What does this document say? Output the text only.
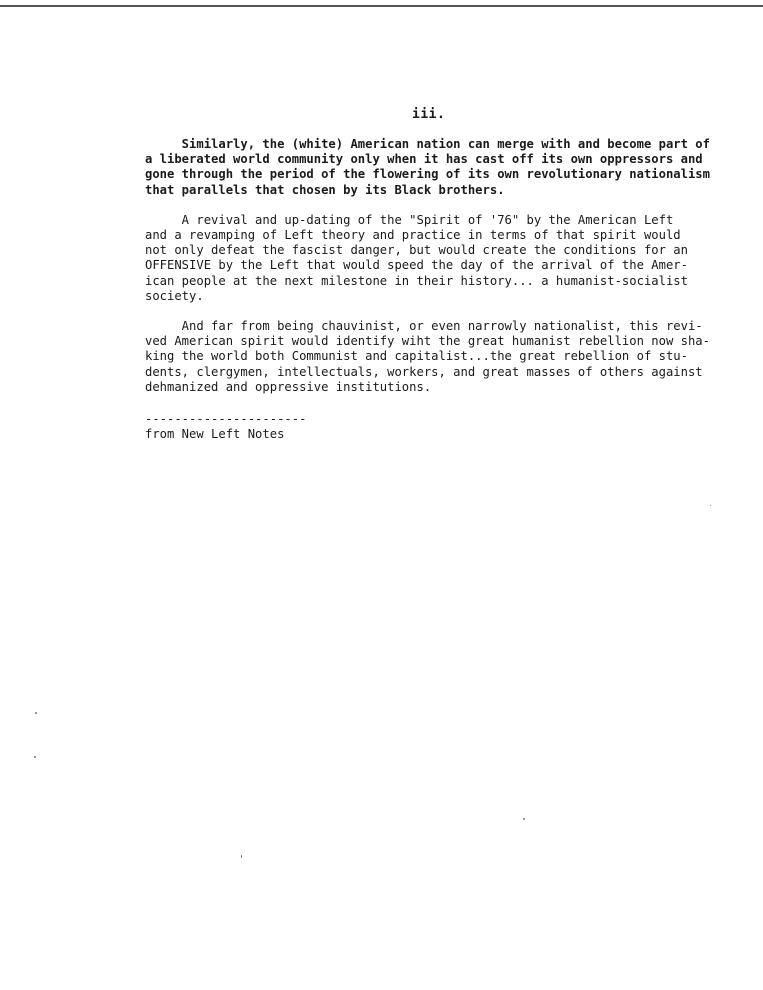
iii.
Similarly, the (white) American nation can merge with and become part of
a liberated world community only when it has cast off its own oppressors and
gone through the period of the flowering of its own revolutionary nationalism
that parallels that chosen by its Black brothers.
A revival and up-dating of the "Spirit of '76" by the American Left
and a revamping of Left theory and practice in terms of that spirit would
not only defeat the fascist danger, but would create the conditions for an
OFFENSIVE by the Left that would speed the day of the arrival of the Amer-
ican people at the next milestone in their history... a humanist-socialist
society.
And far from being chauvinist, or even narrowly nationalist, this revi-
ved American spirit would identify wiht the great humanist rebellion now sha-
king the world both Communist and capitalist...the great rebellion of stu-
dents, clergymen, intellectuals, workers, and great masses of others against
dehmanized and oppressive institutions.
----------------------
from New Left Notes
